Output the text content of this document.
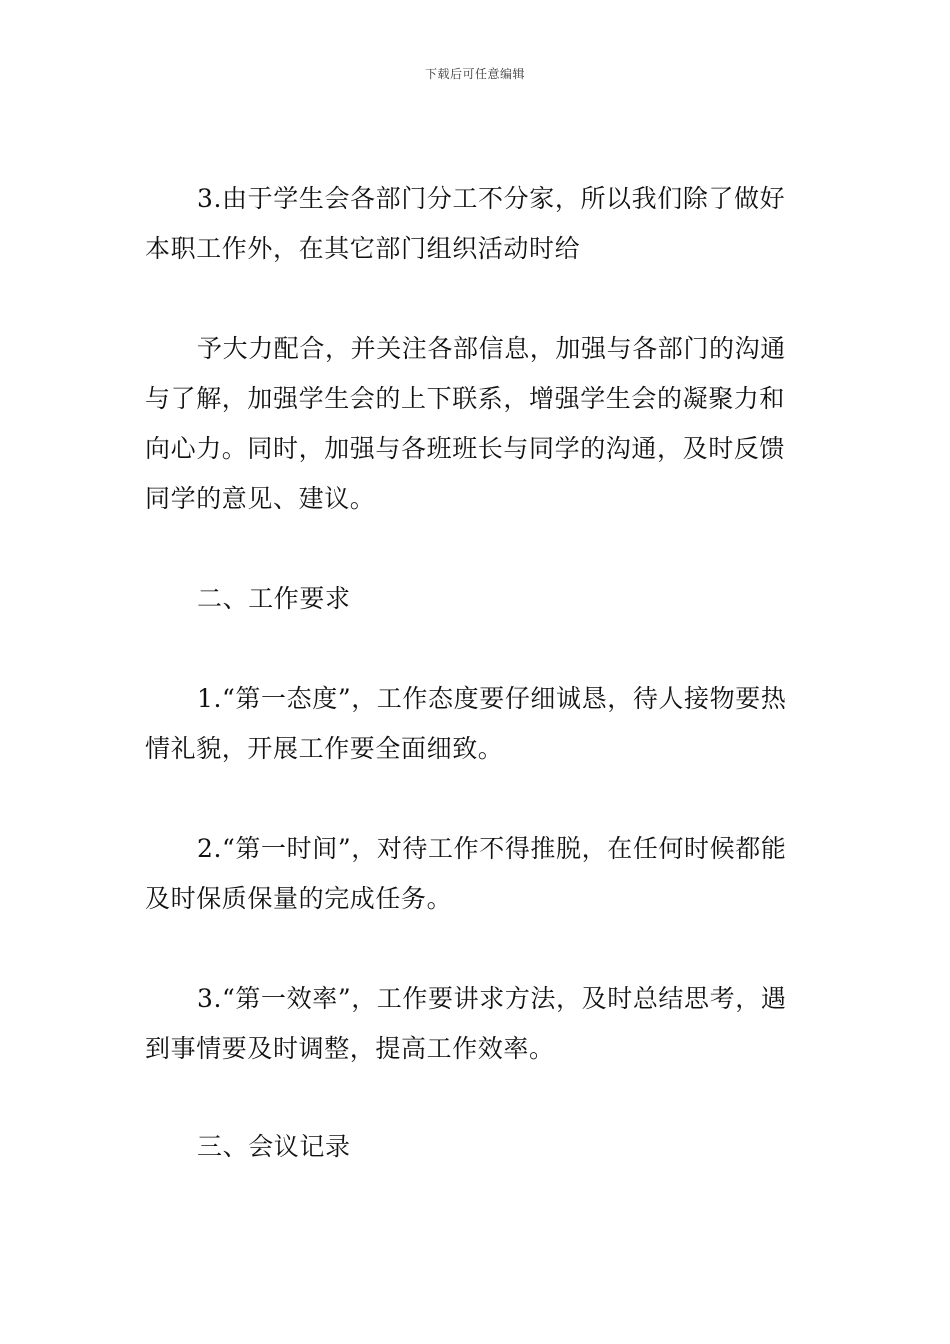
下载后可任意编辑

3.由于学生会各部门分工不分家，所以我们除了做好本职工作外，在其它部门组织活动时给

予大力配合，并关注各部信息，加强与各部门的沟通与了解，加强学生会的上下联系，增强学生会的凝聚力和向心力。同时，加强与各班班长与同学的沟通，及时反馈同学的意见、建议。

二、工作要求

1.“第一态度”，工作态度要仔细诚恳，待人接物要热情礼貌，开展工作要全面细致。

2.“第一时间”，对待工作不得推脱，在任何时候都能及时保质保量的完成任务。

3.“第一效率”，工作要讲求方法，及时总结思考，遇到事情要及时调整，提高工作效率。

三、会议记录
